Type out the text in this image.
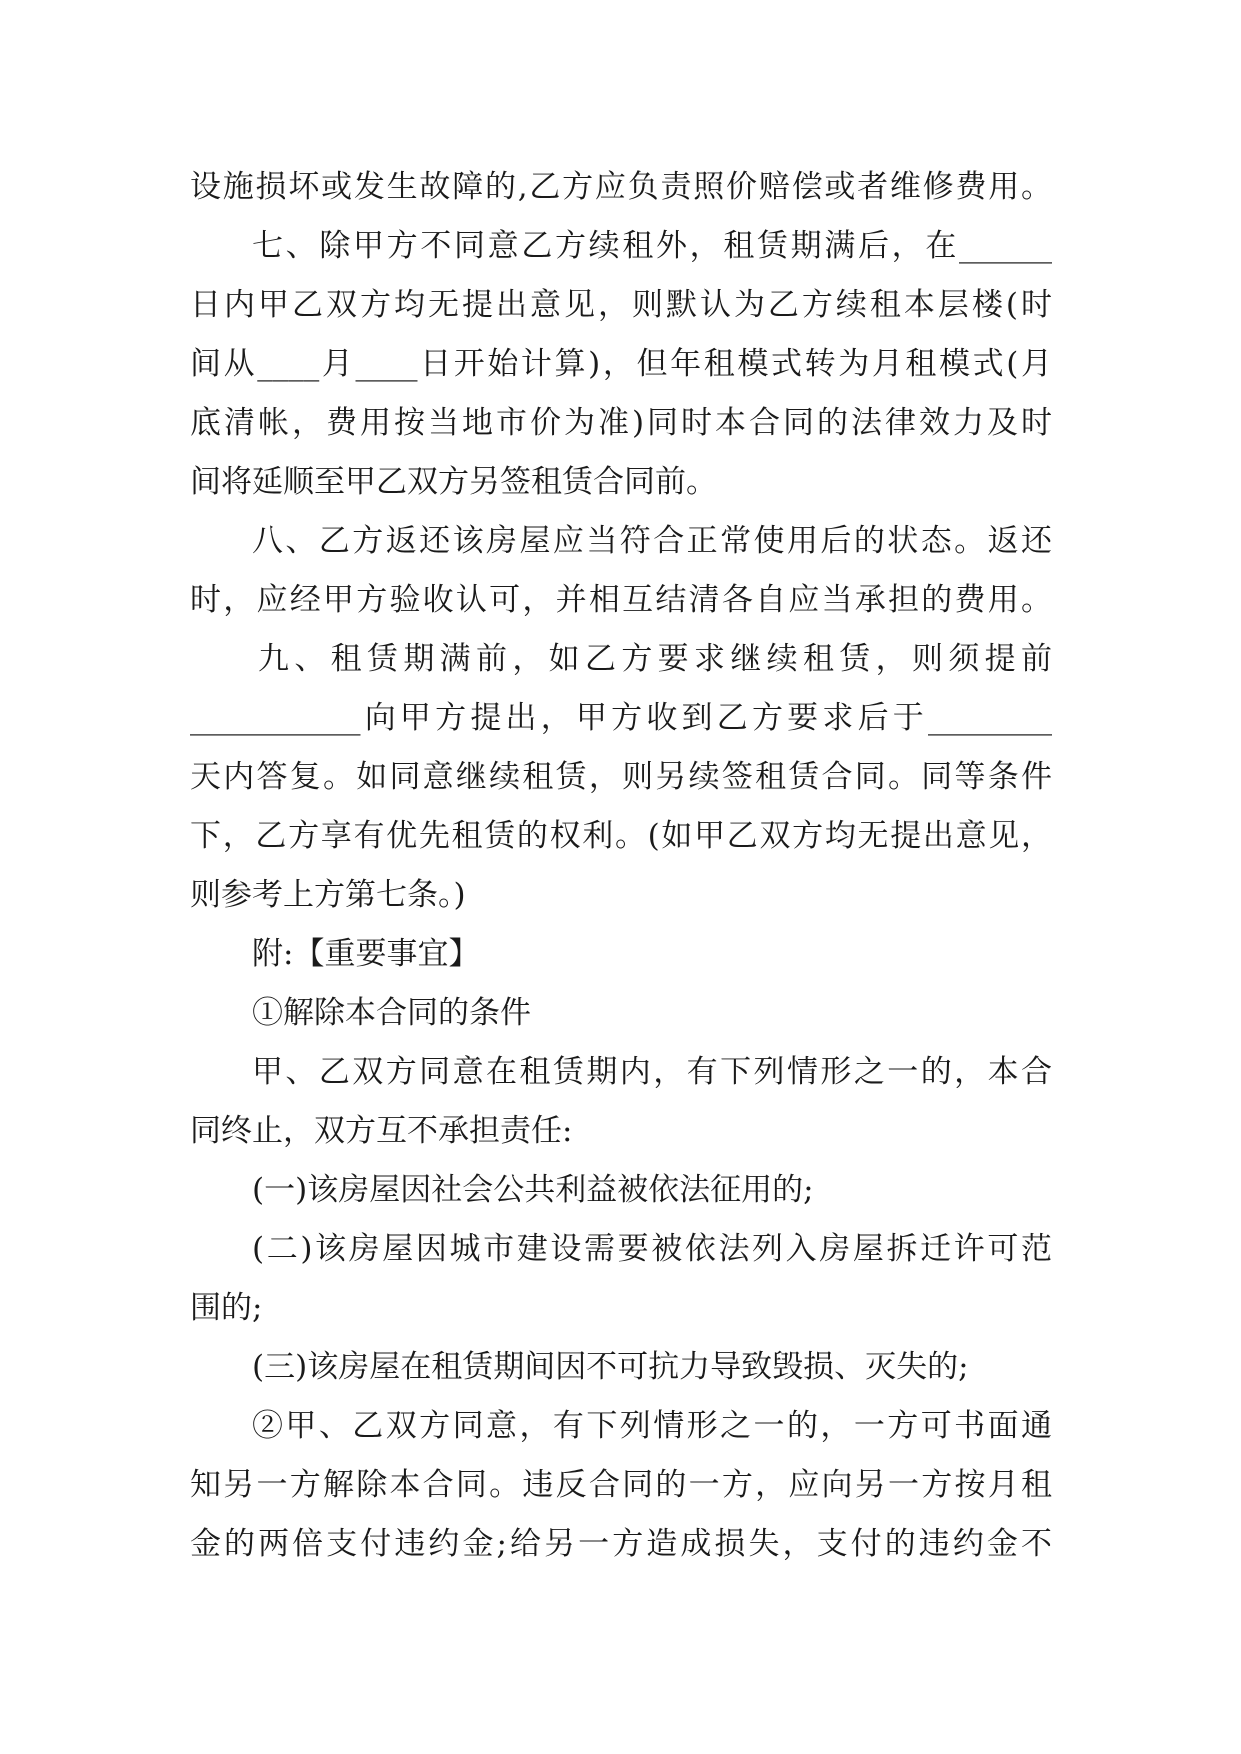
设施损坏或发生故障的,乙方应负责照价赔偿或者维修费用。
七、除甲方不同意乙方续租外，租赁期满后，在______
日内甲乙双方均无提出意见，则默认为乙方续租本层楼(时
间从____月____日开始计算)，但年租模式转为月租模式(月
底清帐，费用按当地市价为准)同时本合同的法律效力及时
间将延顺至甲乙双方另签租赁合同前。
八、乙方返还该房屋应当符合正常使用后的状态。返还
时，应经甲方验收认可，并相互结清各自应当承担的费用。
九、租赁期满前，如乙方要求继续租赁，则须提前
___________向甲方提出，甲方收到乙方要求后于________
天内答复。如同意继续租赁，则另续签租赁合同。同等条件
下，乙方享有优先租赁的权利。(如甲乙双方均无提出意见，
则参考上方第七条。)
附:【重要事宜】
①解除本合同的条件
甲、乙双方同意在租赁期内，有下列情形之一的，本合
同终止，双方互不承担责任:
(一)该房屋因社会公共利益被依法征用的;
(二)该房屋因城市建设需要被依法列入房屋拆迁许可范
围的;
(三)该房屋在租赁期间因不可抗力导致毁损、灭失的;
②甲、乙双方同意，有下列情形之一的，一方可书面通
知另一方解除本合同。违反合同的一方，应向另一方按月租
金的两倍支付违约金;给另一方造成损失，支付的违约金不
